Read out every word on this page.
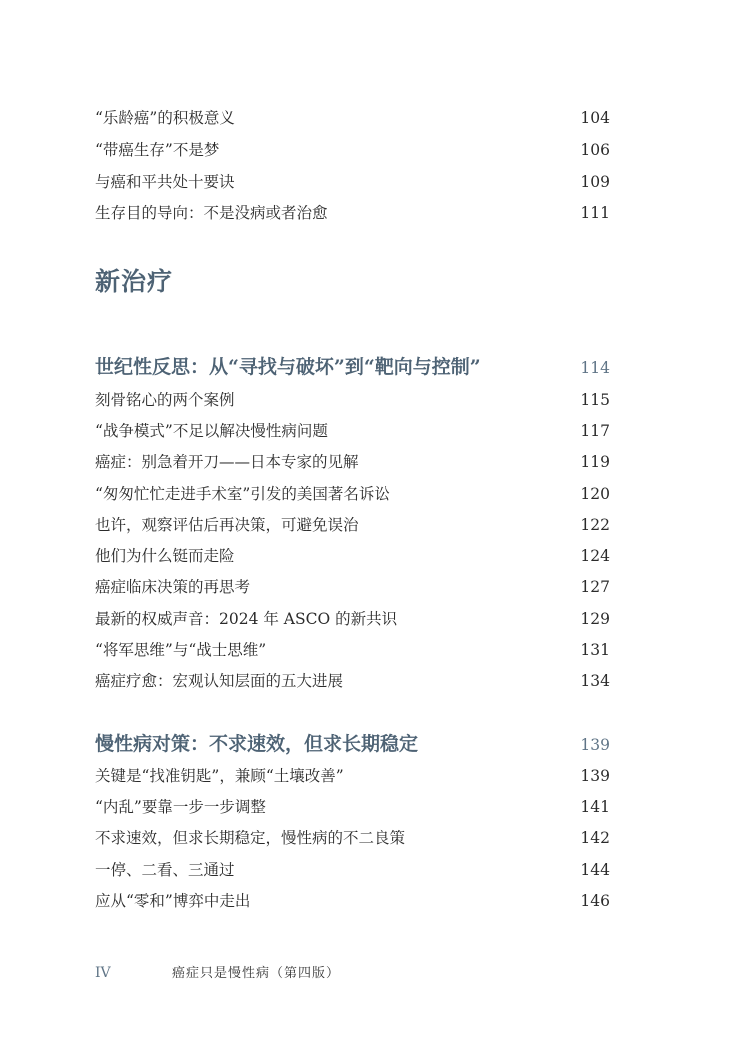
“乐龄癌”的积极意义	104
“带癌生存”不是梦	106
与癌和平共处十要诀	109
生存目的导向：不是没病或者治愈	111
新治疗
世纪性反思：从“寻找与破坏”到“靶向与控制”	114
刻骨铭心的两个案例	115
“战争模式”不足以解决慢性病问题	117
癌症：别急着开刀——日本专家的见解	119
“匆匆忙忙走进手术室”引发的美国著名诉讼	120
也许，观察评估后再决策，可避免误治	122
他们为什么铤而走险	124
癌症临床决策的再思考	127
最新的权威声音：2024 年 ASCO 的新共识	129
“将军思维”与“战士思维”	131
癌症疗愈：宏观认知层面的五大进展	134
慢性病对策：不求速效，但求长期稳定	139
关键是“找准钥匙”，兼顾“土壤改善”	139
“内乱”要靠一步一步调整	141
不求速效，但求长期稳定，慢性病的不二良策	142
一停、二看、三通过	144
应从“零和”博弈中走出	146
IV	癌症只是慢性病（第四版）
